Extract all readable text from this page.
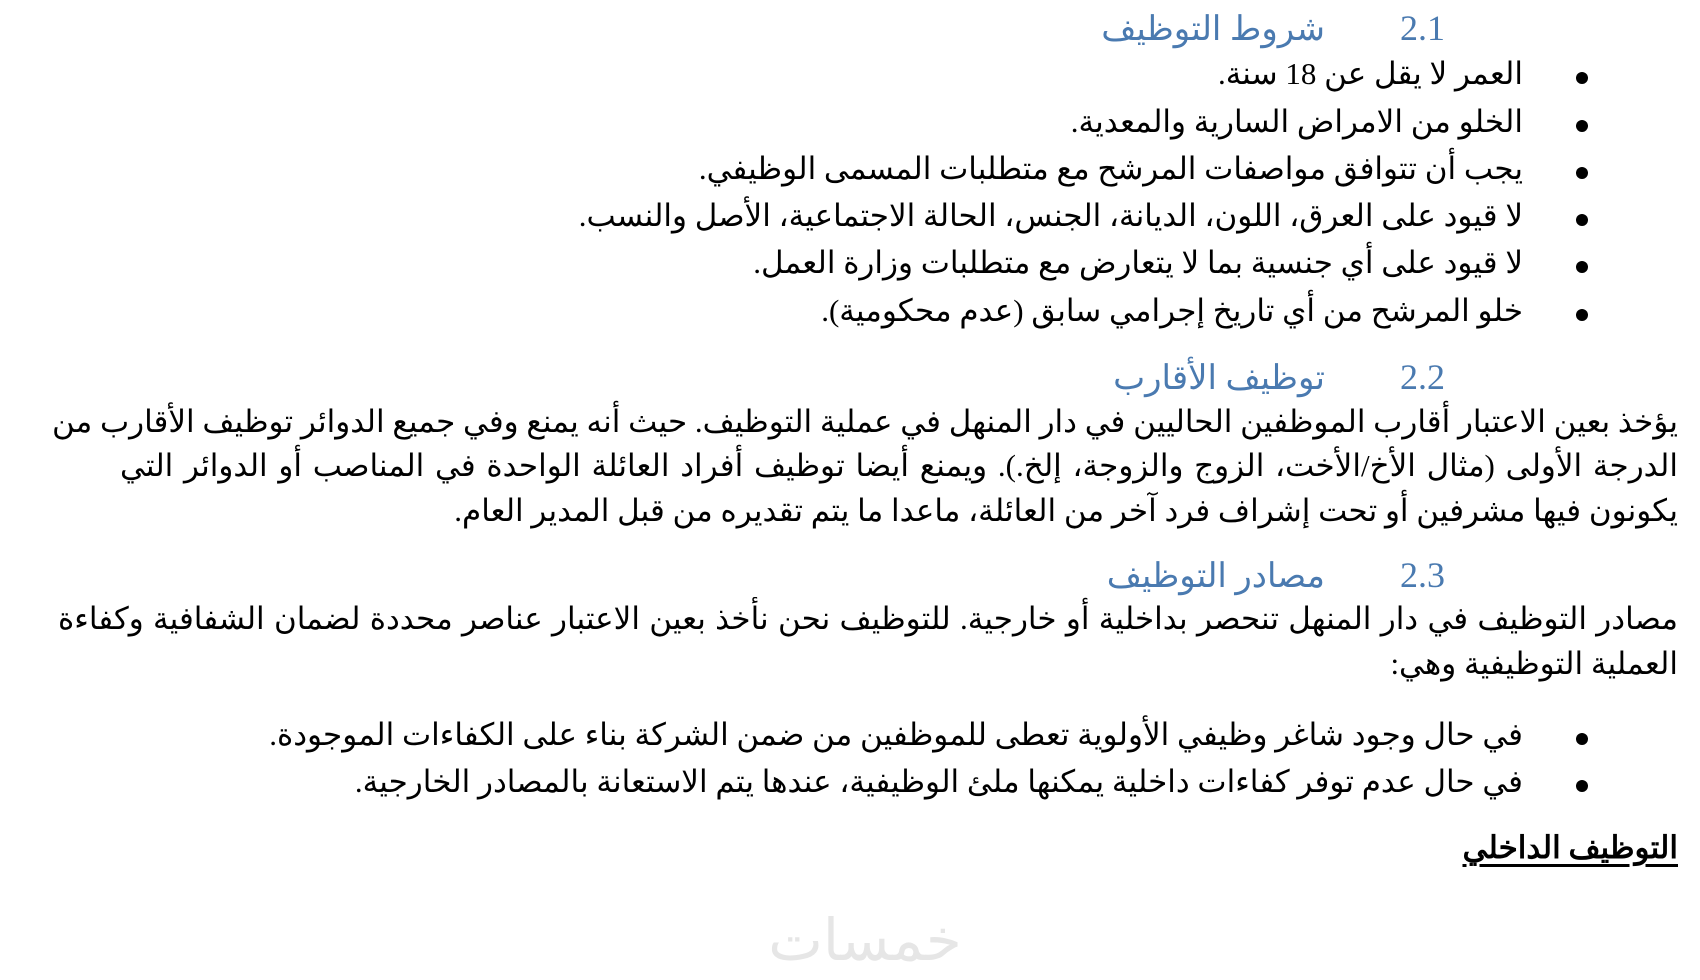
2.1
شروط التوظيف
العمر لا يقل عن 18 سنة.
الخلو من الامراض السارية والمعدية.
يجب أن تتوافق مواصفات المرشح مع متطلبات المسمى الوظيفي.
لا قيود على العرق، اللون، الديانة، الجنس، الحالة الاجتماعية، الأصل والنسب.
لا قيود على أي جنسية بما لا يتعارض مع متطلبات وزارة العمل.
خلو المرشح من أي تاريخ إجرامي سابق (عدم محكومية).
2.2
توظيف الأقارب
يؤخذ بعين الاعتبار أقارب الموظفين الحاليين في دار المنهل في عملية التوظيف. حيث أنه يمنع وفي جميع الدوائر توظيف الأقارب من
الدرجة الأولى (مثال الأخ/الأخت، الزوج والزوجة، إلخ.). ويمنع أيضا توظيف أفراد العائلة الواحدة في المناصب أو الدوائر التي
يكونون فيها مشرفين أو تحت إشراف فرد آخر من العائلة، ماعدا ما يتم تقديره من قبل المدير العام.
2.3
مصادر التوظيف
مصادر التوظيف في دار المنهل تنحصر بداخلية أو خارجية. للتوظيف نحن نأخذ بعين الاعتبار عناصر محددة لضمان الشفافية وكفاءة
العملية التوظيفية وهي:
في حال وجود شاغر وظيفي الأولوية تعطى للموظفين من ضمن الشركة بناء على الكفاءات الموجودة.
في حال عدم توفر كفاءات داخلية يمكنها ملئ الوظيفية، عندها يتم الاستعانة بالمصادر الخارجية.
التوظيف الداخلي
خمسات
